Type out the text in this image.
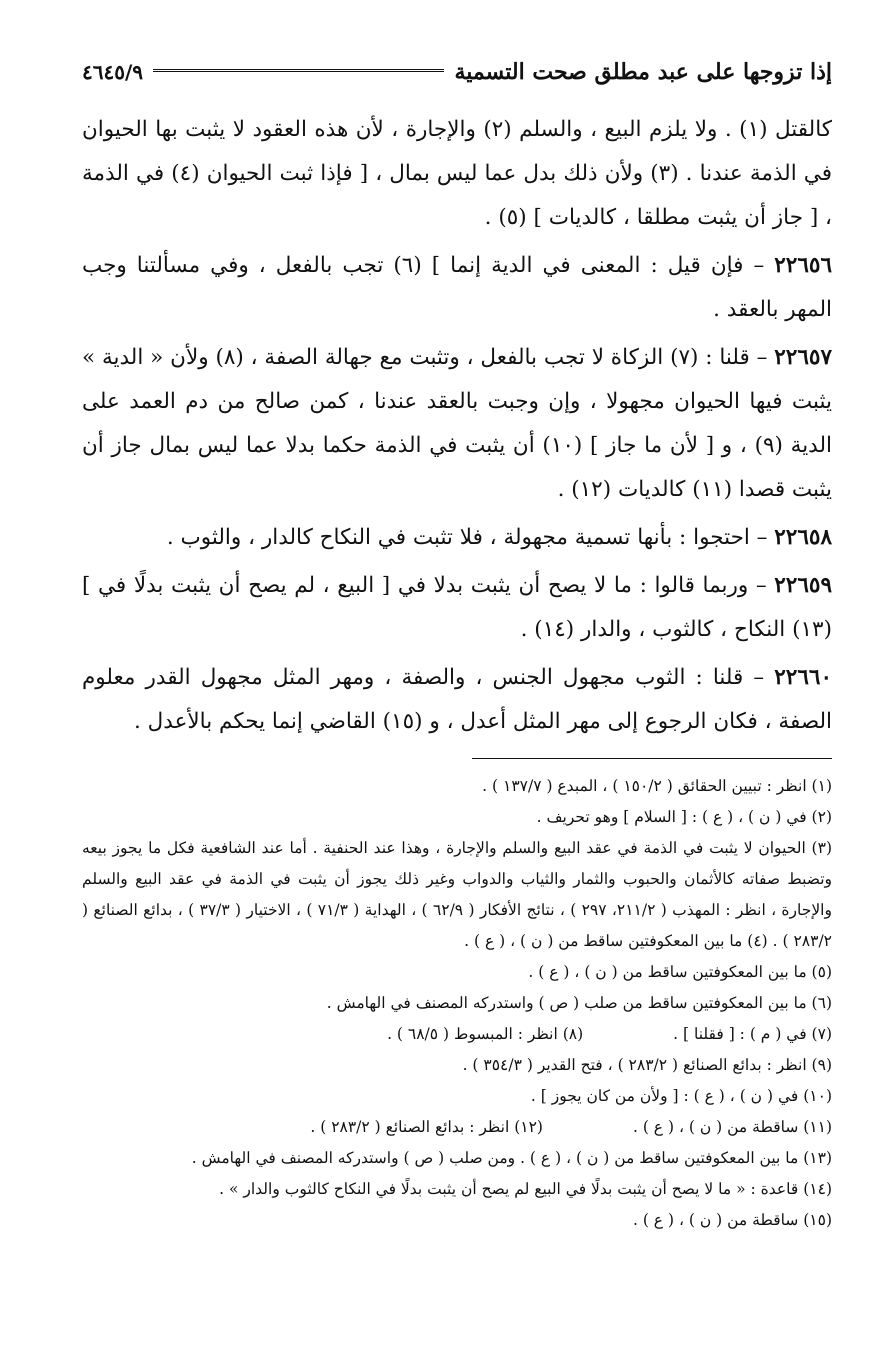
إذا تزوجها على عبد مطلق صحت التسمية
٤٦٤٥/٩

كالقتل (١) . ولا يلزم البيع ، والسلم (٢) والإجارة ، لأن هذه العقود لا يثبت بها الحيوان في الذمة عندنا . (٣) ولأن ذلك بدل عما ليس بمال ، [ فإذا ثبت الحيوان (٤) في الذمة ، [ جاز أن يثبت مطلقا ، كالديات ] (٥) .

٢٢٦٥٦ – فإن قيل : المعنى في الدية إنما ] (٦) تجب بالفعل ، وفي مسألتنا وجب المهر بالعقد .

٢٢٦٥٧ – قلنا : (٧) الزكاة لا تجب بالفعل ، وتثبت مع جهالة الصفة ، (٨) ولأن « الدية » يثبت فيها الحيوان مجهولا ، وإن وجبت بالعقد عندنا ، كمن صالح من دم العمد على الدية (٩) ، و [ لأن ما جاز ] (١٠) أن يثبت في الذمة حكما بدلا عما ليس بمال جاز أن يثبت قصدا (١١) كالديات (١٢) .

٢٢٦٥٨ – احتجوا : بأنها تسمية مجهولة ، فلا تثبت في النكاح كالدار ، والثوب .

٢٢٦٥٩ – وربما قالوا : ما لا يصح أن يثبت بدلا في [ البيع ، لم يصح أن يثبت بدلًا في ] (١٣) النكاح ، كالثوب ، والدار (١٤) .

٢٢٦٦٠ – قلنا : الثوب مجهول الجنس ، والصفة ، ومهر المثل مجهول القدر معلوم الصفة ، فكان الرجوع إلى مهر المثل أعدل ، و (١٥) القاضي إنما يحكم بالأعدل .

(١) انظر : تبيين الحقائق ( ١٥٠/٢ ) ، المبدع ( ١٣٧/٧ ) .
(٢) في ( ن ) ، ( ع ) : [ السلام ] وهو تحريف .
(٣) الحيوان لا يثبت في الذمة في عقد البيع والسلم والإجارة ، وهذا عند الحنفية . أما عند الشافعية فكل ما يجوز بيعه وتضبط صفاته كالأثمان والحبوب والثمار والثياب والدواب وغير ذلك يجوز أن يثبت في الذمة في عقد البيع والسلم والإجارة ، انظر : المهذب ( ٢١١/٢، ٢٩٧ ) ، نتائج الأفكار ( ٦٢/٩ ) ، الهداية ( ٧١/٣ ) ، الاختيار ( ٣٧/٣ ) ، بدائع الصنائع ( ٢٨٣/٢ ) . (٤) ما بين المعكوفتين ساقط من ( ن ) ، ( ع ) .
(٥) ما بين المعكوفتين ساقط من ( ن ) ، ( ع ) .
(٦) ما بين المعكوفتين ساقط من صلب ( ص ) واستدركه المصنف في الهامش .
(٧) في ( م ) : [ فقلنا ] .
(٨) انظر : المبسوط ( ٦٨/٥ ) .
(٩) انظر : بدائع الصنائع ( ٢٨٣/٢ ) ، فتح القدير ( ٣٥٤/٣ ) .
(١٠) في ( ن ) ، ( ع ) : [ ولأن من كان يجوز ] .
(١١) ساقطة من ( ن ) ، ( ع ) .
(١٢) انظر : بدائع الصنائع ( ٢٨٣/٢ ) .
(١٣) ما بين المعكوفتين ساقط من ( ن ) ، ( ع ) . ومن صلب ( ص ) واستدركه المصنف في الهامش .
(١٤) قاعدة : « ما لا يصح أن يثبت بدلًا في البيع لم يصح أن يثبت بدلًا في النكاح كالثوب والدار » .
(١٥) ساقطة من ( ن ) ، ( ع ) .
